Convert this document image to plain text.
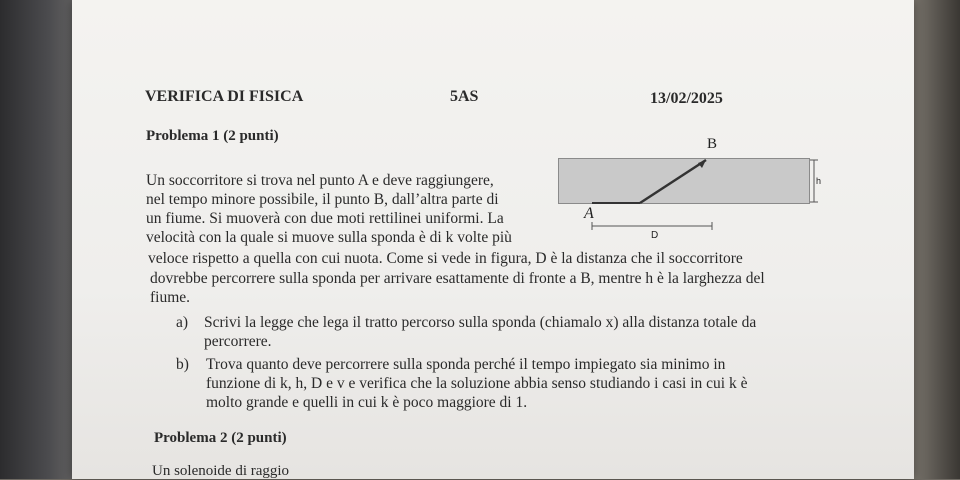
VERIFICA DI FISICA	5AS	13/02/2025
Problema 1 (2 punti)
Un soccorritore si trova nel punto A e deve raggiungere,
nel tempo minore possibile, il punto B, dall’altra parte di
un fiume. Si muoverà con due moti rettilinei uniformi. La
velocità con la quale si muove sulla sponda è di k volte più
veloce rispetto a quella con cui nuota. Come si vede in figura, D è la distanza che il soccorritore
dovrebbe percorrere sulla sponda per arrivare esattamente di fronte a B, mentre h è la larghezza del
fiume.
a) Scrivi la legge che lega il tratto percorso sulla sponda (chiamalo x) alla distanza totale da
percorrere.
b) Trova quanto deve percorrere sulla sponda perché il tempo impiegato sia minimo in
funzione di k, h, D e v e verifica che la soluzione abbia senso studiando i casi in cui k è
molto grande e quelli in cui k è poco maggiore di 1.
Problema 2 (2 punti)
Un solenoide di raggio
B
A
D
h
